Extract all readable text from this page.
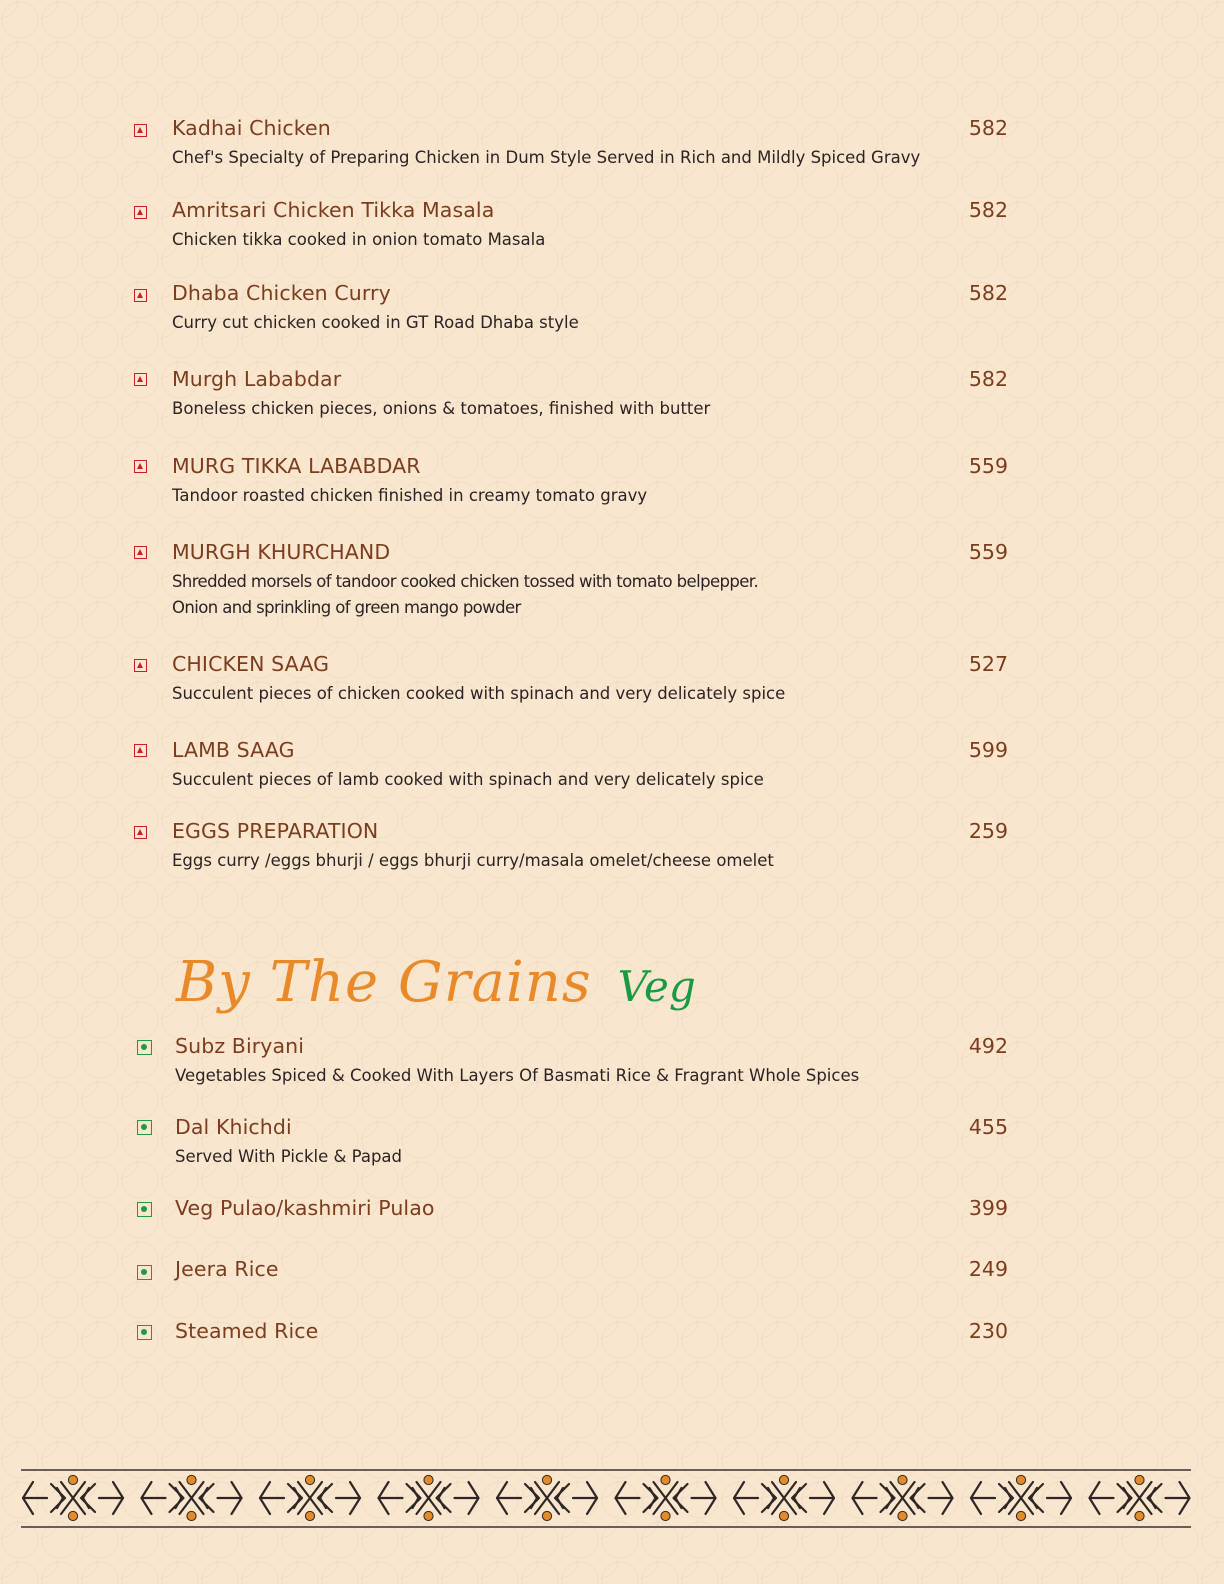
Kadhai Chicken	582
Chef's Specialty of Preparing Chicken in Dum Style Served in Rich and Mildly Spiced Gravy
Amritsari Chicken Tikka Masala	582
Chicken tikka cooked in onion tomato Masala
Dhaba Chicken Curry	582
Curry cut chicken cooked in GT Road Dhaba style
Murgh Lababdar	582
Boneless chicken pieces, onions & tomatoes, finished with butter
MURG TIKKA LABABDAR	559
Tandoor roasted chicken finished in creamy tomato gravy
MURGH KHURCHAND	559
Shredded morsels of tandoor cooked chicken tossed with tomato belpepper.
Onion and sprinkling of green mango powder
CHICKEN SAAG	527
Succulent pieces of chicken cooked with spinach and very delicately spice
LAMB SAAG	599
Succulent pieces of lamb cooked with spinach and very delicately spice
EGGS PREPARATION	259
Eggs curry /eggs bhurji / eggs bhurji curry/masala omelet/cheese omelet
By The Grains Veg
Subz Biryani	492
Vegetables Spiced & Cooked With Layers Of Basmati Rice & Fragrant Whole Spices
Dal Khichdi	455
Served With Pickle & Papad
Veg Pulao/kashmiri Pulao	399
Jeera Rice	249
Steamed Rice	230
